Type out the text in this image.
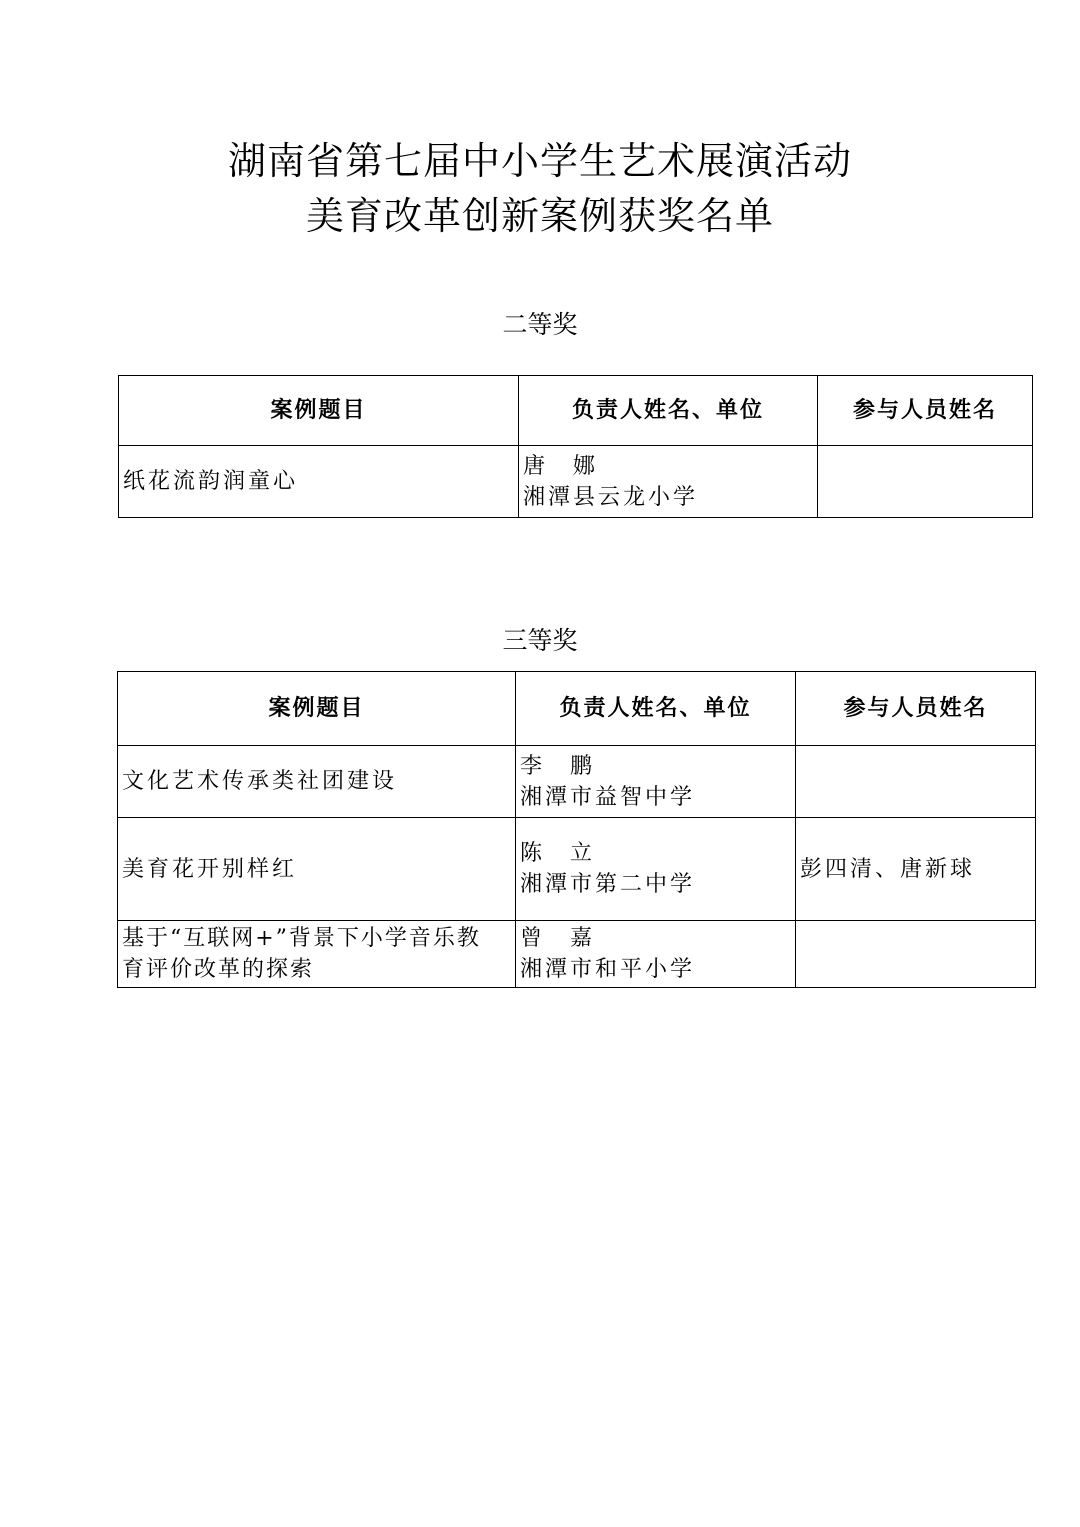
湖南省第七届中小学生艺术展演活动
美育改革创新案例获奖名单
二等奖
案例题目	负责人姓名、单位	参与人员姓名

纸花流韵润童心	唐　娜
湘潭县云龙小学	

三等奖
案例题目	负责人姓名、单位	参与人员姓名

文化艺术传承类社团建设	李　鹏
湘潭市益智中学	

美育花开别样红	陈　立
湘潭市第二中学	彭四清、唐新球

基于“互联网+”背景下小学音乐教
育评价改革的探索	曾　嘉
湘潭市和平小学	
